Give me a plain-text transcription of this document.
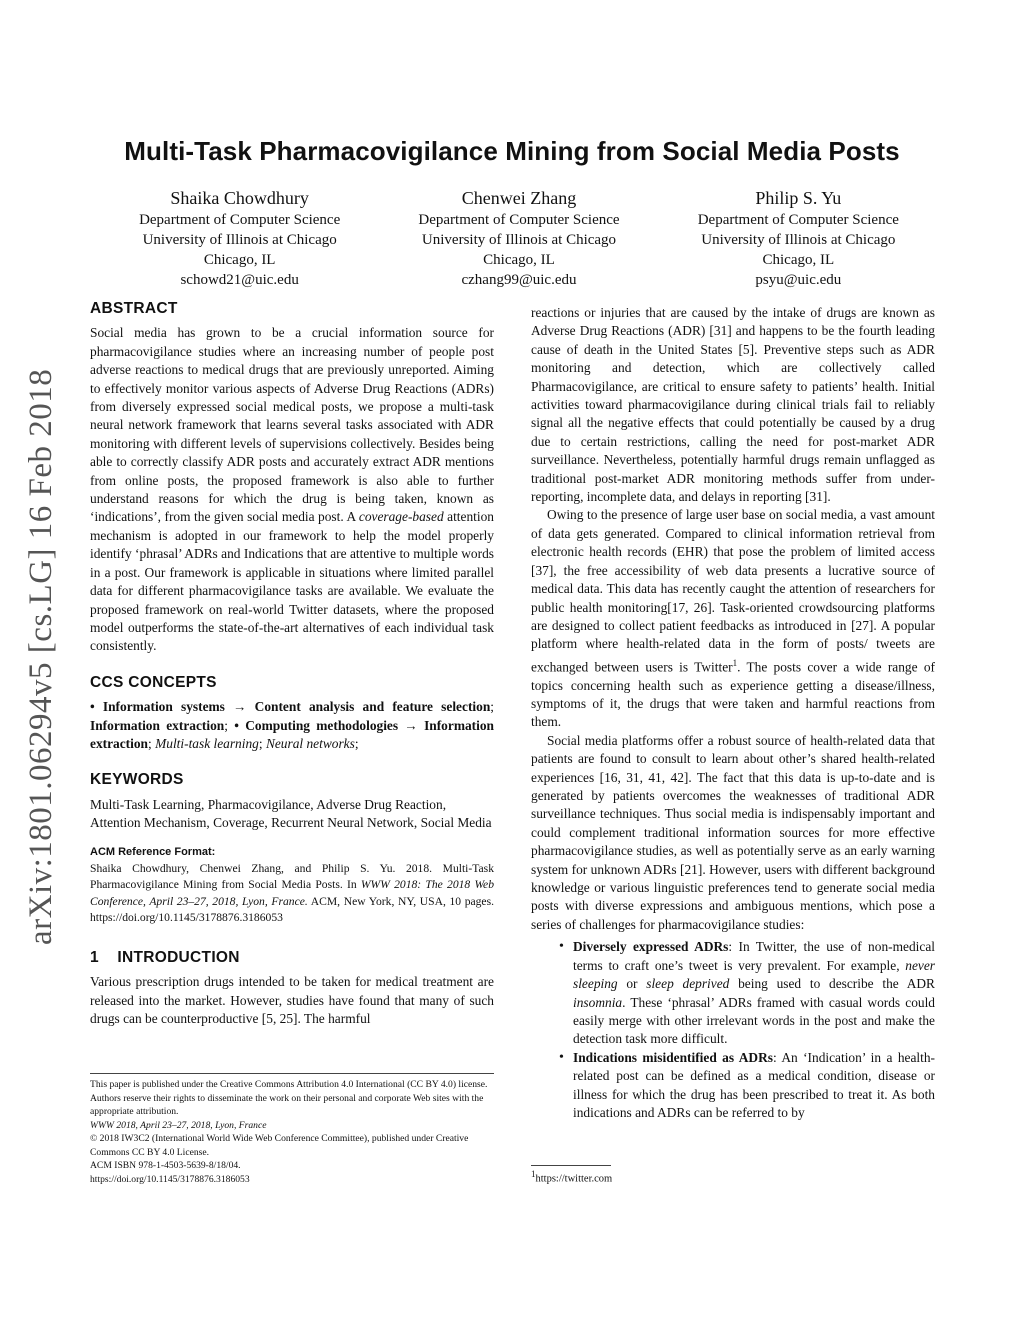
arXiv:1801.06294v5 [cs.LG] 16 Feb 2018
Multi-Task Pharmacovigilance Mining from Social Media Posts
Shaika Chowdhury
Department of Computer Science
University of Illinois at Chicago
Chicago, IL
schowd21@uic.edu
Chenwei Zhang
Department of Computer Science
University of Illinois at Chicago
Chicago, IL
czhang99@uic.edu
Philip S. Yu
Department of Computer Science
University of Illinois at Chicago
Chicago, IL
psyu@uic.edu
ABSTRACT

Social media has grown to be a crucial information source for pharmacovigilance studies where an increasing number of people post adverse reactions to medical drugs that are previously unreported. Aiming to effectively monitor various aspects of Adverse Drug Reactions (ADRs) from diversely expressed social medical posts, we propose a multi-task neural network framework that learns several tasks associated with ADR monitoring with different levels of supervisions collectively. Besides being able to correctly classify ADR posts and accurately extract ADR mentions from online posts, the proposed framework is also able to further understand reasons for which the drug is being taken, known as ‘indications’, from the given social media post. A coverage-based attention mechanism is adopted in our framework to help the model properly identify ‘phrasal’ ADRs and Indications that are attentive to multiple words in a post. Our framework is applicable in situations where limited parallel data for different pharmacovigilance tasks are available. We evaluate the proposed framework on real-world Twitter datasets, where the proposed model outperforms the state-of-the-art alternatives of each individual task consistently.

CCS CONCEPTS

• Information systems → Content analysis and feature selection; Information extraction; • Computing methodologies → Information extraction; Multi-task learning; Neural networks;

KEYWORDS

Multi-Task Learning, Pharmacovigilance, Adverse Drug Reaction, Attention Mechanism, Coverage, Recurrent Neural Network, Social Media

ACM Reference Format:

Shaika Chowdhury, Chenwei Zhang, and Philip S. Yu. 2018. Multi-Task Pharmacovigilance Mining from Social Media Posts. In WWW 2018: The 2018 Web Conference, April 23–27, 2018, Lyon, France. ACM, New York, NY, USA, 10 pages. https://doi.org/10.1145/3178876.3186053

1    INTRODUCTION

Various prescription drugs intended to be taken for medical treatment are released into the market. However, studies have found that many of such drugs can be counterproductive [5, 25]. The harmful

This paper is published under the Creative Commons Attribution 4.0 International (CC BY 4.0) license. Authors reserve their rights to disseminate the work on their personal and corporate Web sites with the appropriate attribution.
WWW 2018, April 23–27, 2018, Lyon, France
© 2018 IW3C2 (International World Wide Web Conference Committee), published under Creative Commons CC BY 4.0 License.
ACM ISBN 978-1-4503-5639-8/18/04.
https://doi.org/10.1145/3178876.3186053

reactions or injuries that are caused by the intake of drugs are known as Adverse Drug Reactions (ADR) [31] and happens to be the fourth leading cause of death in the United States [5]. Preventive steps such as ADR monitoring and detection, which are collectively called Pharmacovigilance, are critical to ensure safety to patients’ health. Initial activities toward pharmacovigilance during clinical trials fail to reliably signal all the negative effects that could potentially be caused by a drug due to certain restrictions, calling the need for post-market ADR surveillance. Nevertheless, potentially harmful drugs remain unflagged as traditional post-market ADR monitoring methods suffer from under-reporting, incomplete data, and delays in reporting [31].

Owing to the presence of large user base on social media, a vast amount of data gets generated. Compared to clinical information retrieval from electronic health records (EHR) that pose the problem of limited access [37], the free accessibility of web data presents a lucrative source of medical data. This data has recently caught the attention of researchers for public health monitoring[17, 26]. Task-oriented crowdsourcing platforms are designed to collect patient feedbacks as introduced in [27]. A popular platform where health-related data in the form of posts/ tweets are exchanged between users is Twitter$^1$. The posts cover a wide range of topics concerning health such as experience getting a disease/illness, symptoms of it, the drugs that were taken and harmful reactions from them.

Social media platforms offer a robust source of health-related data that patients are found to consult to learn about other’s shared health-related experiences [16, 31, 41, 42]. The fact that this data is up-to-date and is generated by patients overcomes the weaknesses of traditional ADR surveillance techniques. Thus social media is indispensably important and could complement traditional information sources for more effective pharmacovigilance studies, as well as potentially serve as an early warning system for unknown ADRs [21]. However, users with different background knowledge or various linguistic preferences tend to generate social media posts with diverse expressions and ambiguous mentions, which pose a series of challenges for pharmacovigilance studies:

• Diversely expressed ADRs: In Twitter, the use of non-medical terms to craft one’s tweet is very prevalent. For example, never sleeping or sleep deprived being used to describe the ADR insomnia. These ‘phrasal’ ADRs framed with casual words could easily merge with other irrelevant words in the post and make the detection task more difficult.
• Indications misidentified as ADRs: An ‘Indication’ in a health-related post can be defined as a medical condition, disease or illness for which the drug has been prescribed to treat it. As both indications and ADRs can be referred to by
$^1$https://twitter.com
